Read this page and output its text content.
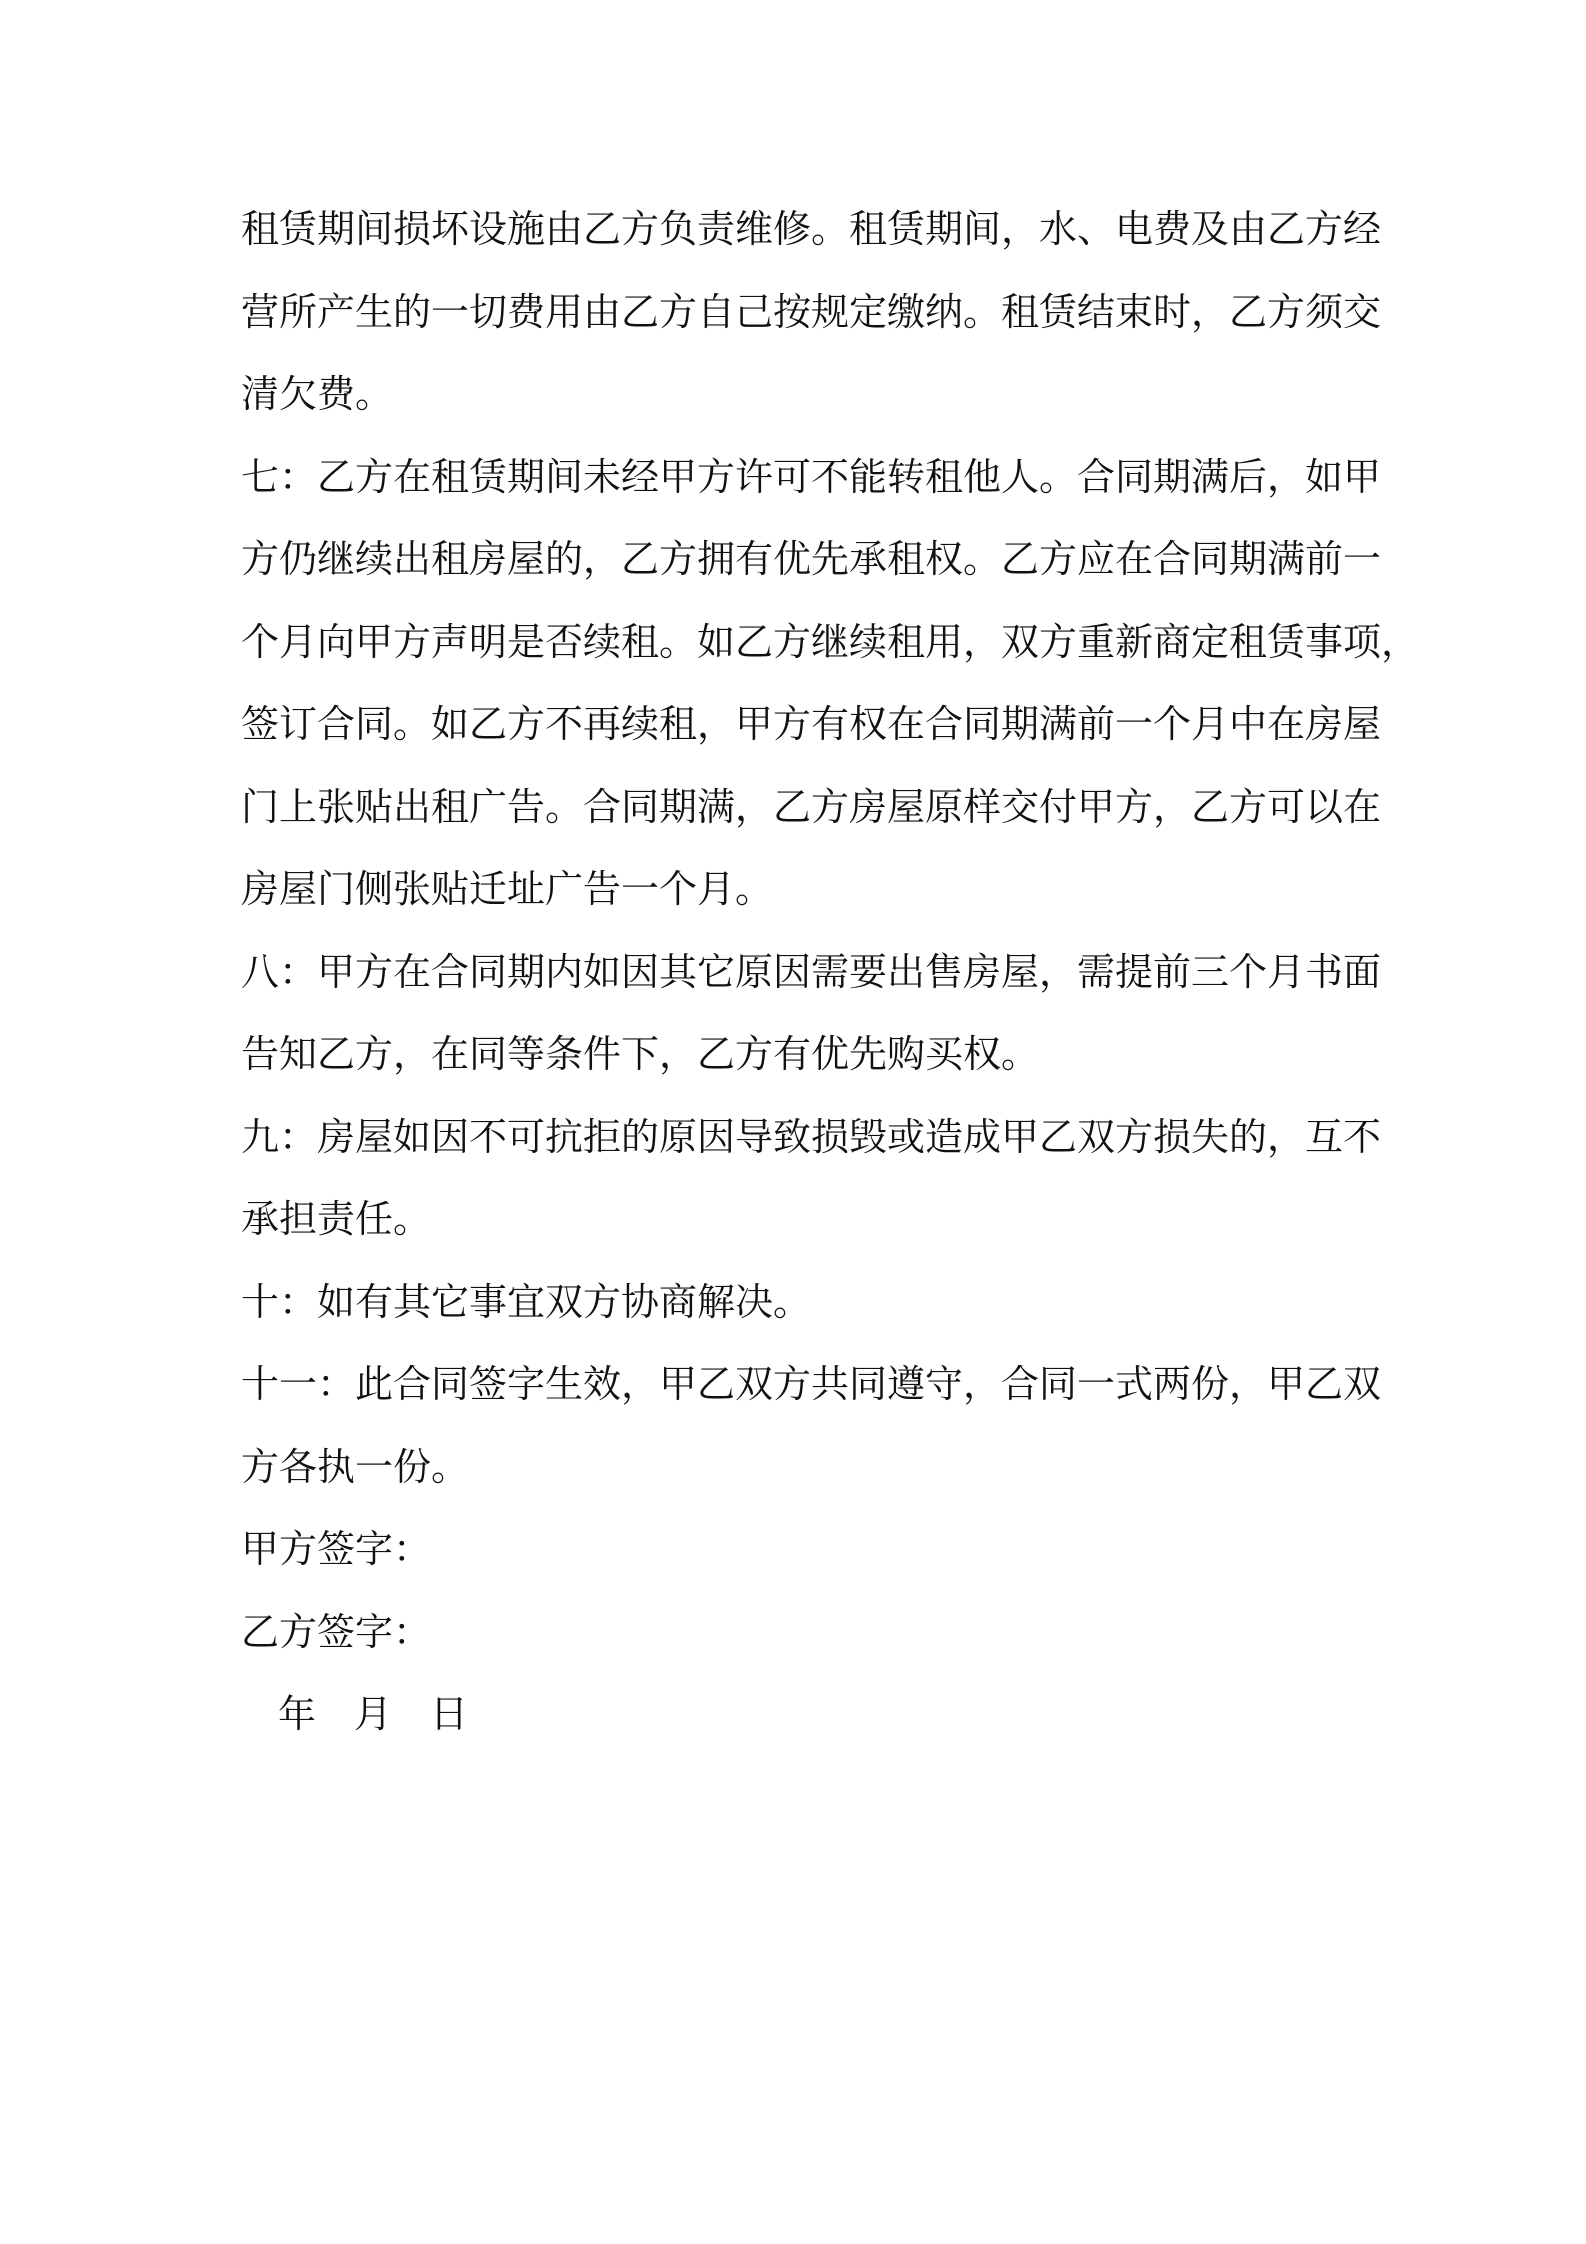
租赁期间损坏设施由乙方负责维修。租赁期间，水、电费及由乙方经
营所产生的一切费用由乙方自己按规定缴纳。租赁结束时，乙方须交
清欠费。
七：乙方在租赁期间未经甲方许可不能转租他人。合同期满后，如甲
方仍继续出租房屋的，乙方拥有优先承租权。乙方应在合同期满前一
个月向甲方声明是否续租。如乙方继续租用，双方重新商定租赁事项，
签订合同。如乙方不再续租，甲方有权在合同期满前一个月中在房屋
门上张贴出租广告。合同期满，乙方房屋原样交付甲方，乙方可以在
房屋门侧张贴迁址广告一个月。
八：甲方在合同期内如因其它原因需要出售房屋，需提前三个月书面
告知乙方，在同等条件下，乙方有优先购买权。
九：房屋如因不可抗拒的原因导致损毁或造成甲乙双方损失的，互不
承担责任。
十：如有其它事宜双方协商解决。
十一：此合同签字生效，甲乙双方共同遵守，合同一式两份，甲乙双
方各执一份。
甲方签字：
乙方签字：
年　月　日
